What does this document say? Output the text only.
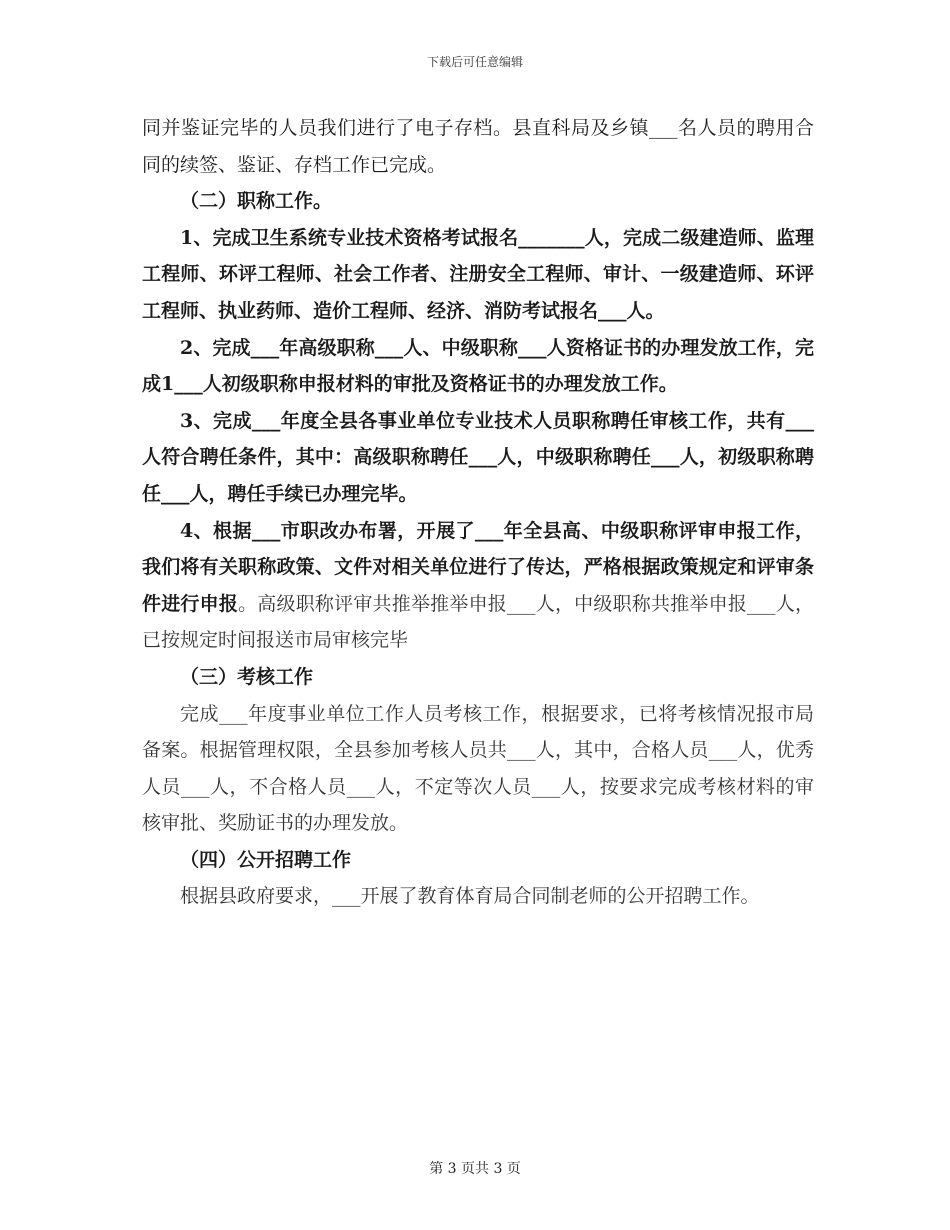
下载后可任意编辑

同并鉴证完毕的人员我们进行了电子存档。县直科局及乡镇___名人员的聘用合同的续签、鉴证、存档工作已完成。

（二）职称工作。

1、完成卫生系统专业技术资格考试报名_______人，完成二级建造师、监理工程师、环评工程师、社会工作者、注册安全工程师、审计、一级建造师、环评工程师、执业药师、造价工程师、经济、消防考试报名___人。

2、完成___年高级职称___人、中级职称___人资格证书的办理发放工作，完成1___人初级职称申报材料的审批及资格证书的办理发放工作。

3、完成___年度全县各事业单位专业技术人员职称聘任审核工作，共有___人符合聘任条件，其中：高级职称聘任___人，中级职称聘任___人，初级职称聘任___人，聘任手续已办理完毕。

4、根据___市职改办布署，开展了___年全县高、中级职称评审申报工作，我们将有关职称政策、文件对相关单位进行了传达，严格根据政策规定和评审条件进行申报。高级职称评审共推举推举申报___人，中级职称共推举申报___人，已按规定时间报送市局审核完毕

（三）考核工作

完成___年度事业单位工作人员考核工作，根据要求，已将考核情况报市局备案。根据管理权限，全县参加考核人员共___人，其中，合格人员___人，优秀人员___人，不合格人员___人，不定等次人员___人，按要求完成考核材料的审核审批、奖励证书的办理发放。

（四）公开招聘工作

根据县政府要求，___开展了教育体育局合同制老师的公开招聘工作。

第 3 页共 3 页
